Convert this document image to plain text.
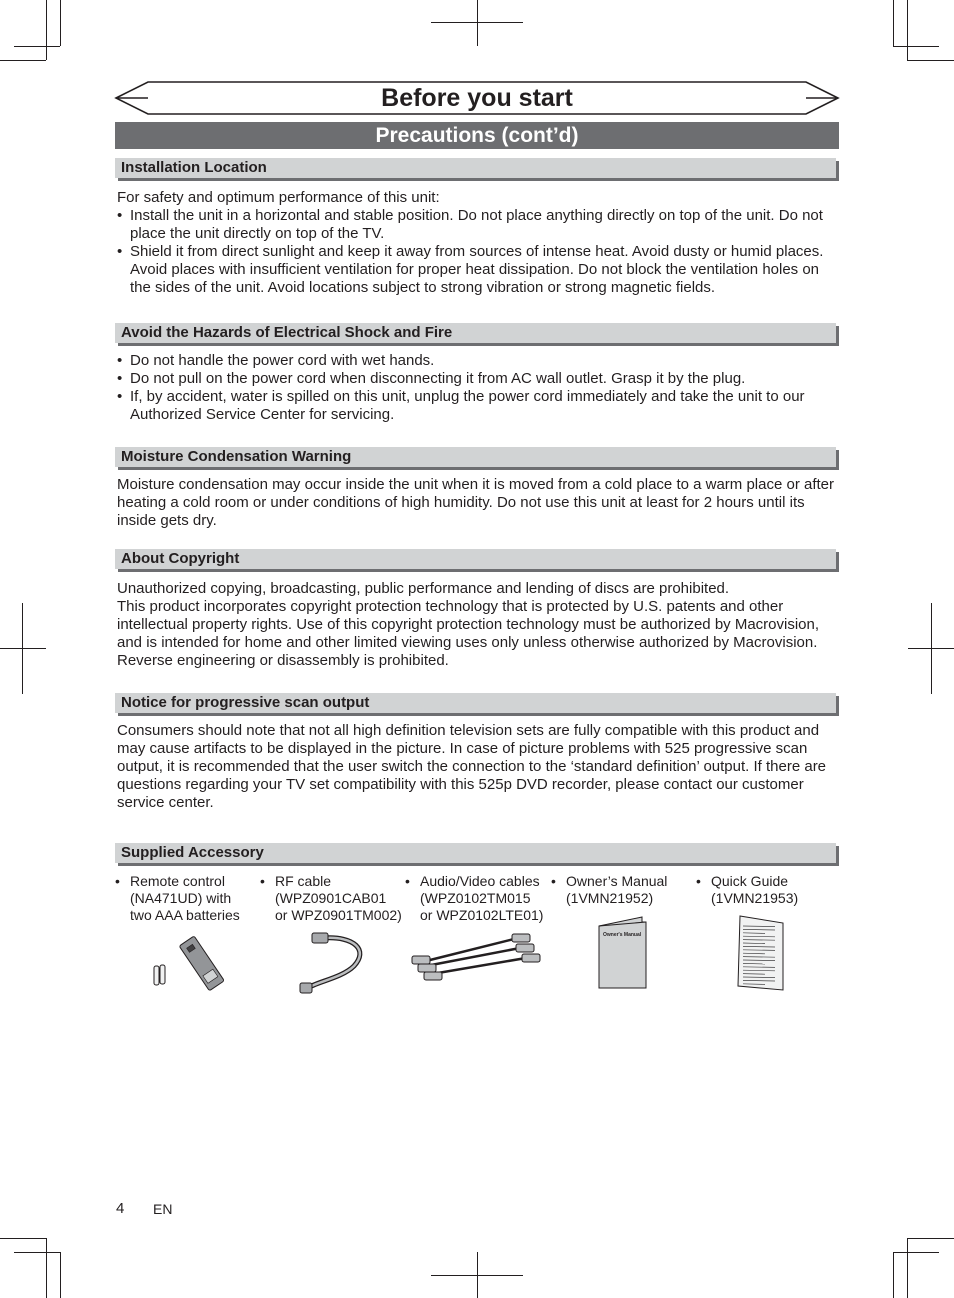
Before you start
Precautions (cont’d)
Installation Location

For safety and optimum performance of this unit:

• Install the unit in a horizontal and stable position. Do not place anything directly on top of the unit. Do not place the unit directly on top of the TV.
• Shield it from direct sunlight and keep it away from sources of intense heat. Avoid dusty or humid places. Avoid places with insufficient ventilation for proper heat dissipation. Do not block the ventilation holes on the sides of the unit. Avoid locations subject to strong vibration or strong magnetic fields.
Avoid the Hazards of Electrical Shock and Fire
• Do not handle the power cord with wet hands.
• Do not pull on the power cord when disconnecting it from AC wall outlet. Grasp it by the plug.
• If, by accident, water is spilled on this unit, unplug the power cord immediately and take the unit to our Authorized Service Center for servicing.
Moisture Condensation Warning

Moisture condensation may occur inside the unit when it is moved from a cold place to a warm place or after heating a cold room or under conditions of high humidity. Do not use this unit at least for 2 hours until its inside gets dry.

About Copyright

Unauthorized copying, broadcasting, public performance and lending of discs are prohibited.

This product incorporates copyright protection technology that is protected by U.S. patents and other intellectual property rights. Use of this copyright protection technology must be authorized by Macrovision, and is intended for home and other limited viewing uses only unless otherwise authorized by Macrovision. Reverse engineering or disassembly is prohibited.

Notice for progressive scan output

Consumers should note that not all high definition television sets are fully compatible with this product and may cause artifacts to be displayed in the picture. In case of picture problems with 525 progressive scan output, it is recommended that the user switch the connection to the ‘standard definition’ output. If there are questions regarding your TV set compatibility with this 525p DVD recorder, please contact our customer service center.

Supplied Accessory
• Remote control
(NA471UD) with
two AAA batteries
• RF cable
(WPZ0901CAB01
or WPZ0901TM002)
• Audio/Video cables
(WPZ0102TM015
or WPZ0102LTE01)
• Owner’s Manual
(1VMN21952)
• Quick Guide
(1VMN21953)
Owner's Manual
4 EN
